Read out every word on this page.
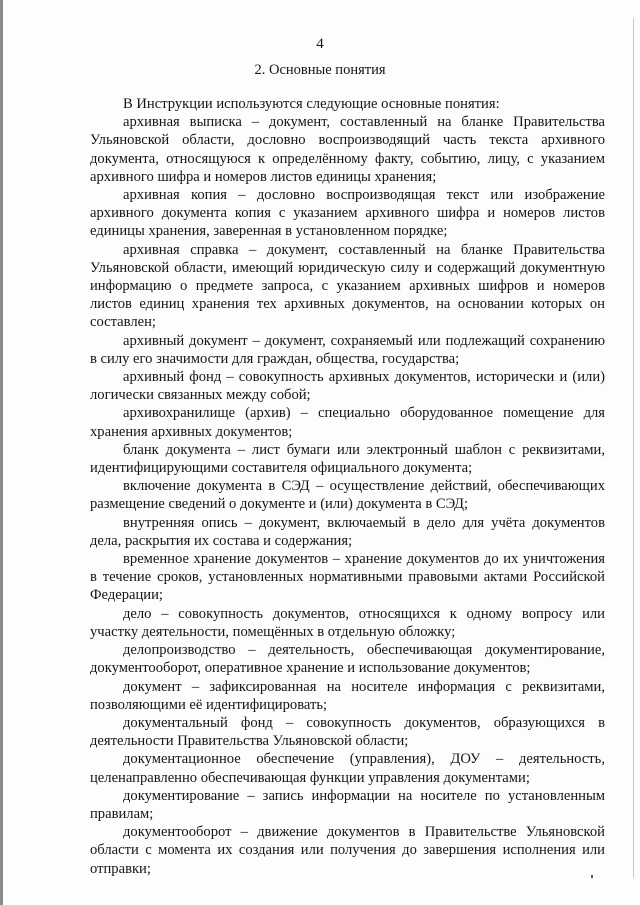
4
2. Основные понятия

В Инструкции используются следующие основные понятия:

архивная выписка – документ, составленный на бланке Правительства Ульяновской области, дословно воспроизводящий часть текста архивного документа, относящуюся к определённому факту, событию, лицу, с указанием архивного шифра и номеров листов единицы хранения;

архивная копия – дословно воспроизводящая текст или изображение архивного документа копия с указанием архивного шифра и номеров листов единицы хранения, заверенная в установленном порядке;

архивная справка – документ, составленный на бланке Правительства Ульяновской области, имеющий юридическую силу и содержащий документную информацию о предмете запроса, с указанием архивных шифров и номеров листов единиц хранения тех архивных документов, на основании которых он составлен;

архивный документ – документ, сохраняемый или подлежащий сохранению в силу его значимости для граждан, общества, государства;

архивный фонд – совокупность архивных документов, исторически и (или) логически связанных между собой;

архивохранилище (архив) – специально оборудованное помещение для хранения архивных документов;

бланк документа – лист бумаги или электронный шаблон с реквизитами, идентифицирующими составителя официального документа;

включение документа в СЭД – осуществление действий, обеспечивающих размещение сведений о документе и (или) документа в СЭД;

внутренняя опись – документ, включаемый в дело для учёта документов дела, раскрытия их состава и содержания;

временное хранение документов – хранение документов до их уничтожения в течение сроков, установленных нормативными правовыми актами Российской Федерации;

дело – совокупность документов, относящихся к одному вопросу или участку деятельности, помещённых в отдельную обложку;

делопроизводство – деятельность, обеспечивающая документирование, документооборот, оперативное хранение и использование документов;

документ – зафиксированная на носителе информация с реквизитами, позволяющими её идентифицировать;

документальный фонд – совокупность документов, образующихся в деятельности Правительства Ульяновской области;

документационное обеспечение (управления), ДОУ – деятельность, целенаправленно обеспечивающая функции управления документами;

документирование – запись информации на носителе по установленным правилам;

документооборот – движение документов в Правительстве Ульяновской области с момента их создания или получения до завершения исполнения или отправки;
